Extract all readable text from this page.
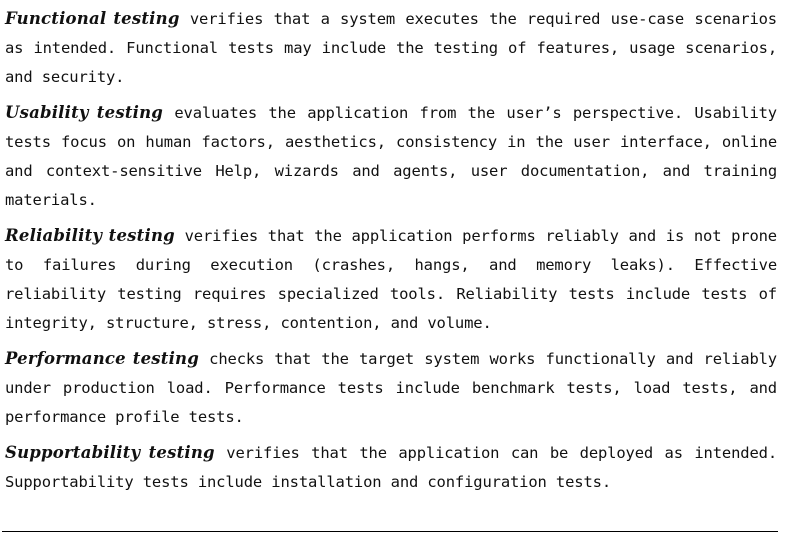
Functional testing verifies that a system executes the required use-case scenarios as intended. Functional tests may include the testing of features, usage scenarios, and security.

Usability testing evaluates the application from the user’s perspective. Usability tests focus on human factors, aesthetics, consistency in the user interface, online and context-sensitive Help, wizards and agents, user documentation, and training materials.

Reliability testing verifies that the application performs reliably and is not prone to failures during execution (crashes, hangs, and memory leaks). Effective reliability testing requires specialized tools. Reliability tests include tests of integrity, structure, stress, contention, and volume.

Performance testing checks that the target system works functionally and reliably under production load. Performance tests include benchmark tests, load tests, and performance profile tests.

Supportability testing verifies that the application can be deployed as intended. Supportability tests include installation and configuration tests.
